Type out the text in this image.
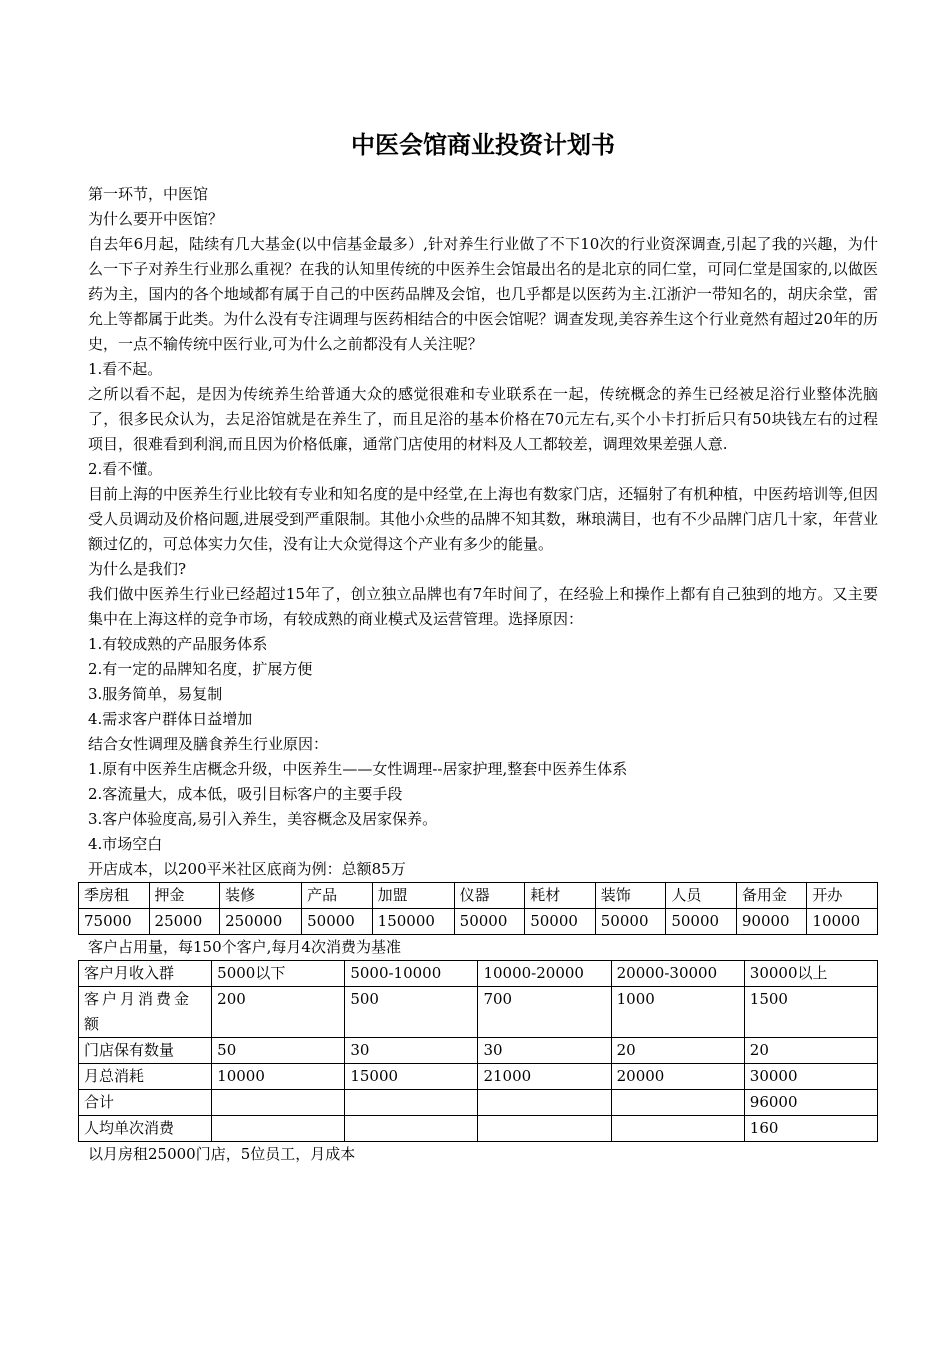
中医会馆商业投资计划书

第一环节，中医馆

为什么要开中医馆？

自去年6月起，陆续有几大基金(以中信基金最多）,针对养生行业做了不下10次的行业资深调查,引起了我的兴趣，为什么一下子对养生行业那么重视？在我的认知里传统的中医养生会馆最出名的是北京的同仁堂，可同仁堂是国家的,以做医药为主，国内的各个地域都有属于自己的中医药品牌及会馆，也几乎都是以医药为主.江浙沪一带知名的，胡庆余堂，雷允上等都属于此类。为什么没有专注调理与医药相结合的中医会馆呢？调查发现,美容养生这个行业竟然有超过20年的历史，一点不输传统中医行业,可为什么之前都没有人关注呢？

1.看不起。

之所以看不起，是因为传统养生给普通大众的感觉很难和专业联系在一起，传统概念的养生已经被足浴行业整体洗脑了，很多民众认为，去足浴馆就是在养生了，而且足浴的基本价格在70元左右,买个小卡打折后只有50块钱左右的过程项目，很难看到利润,而且因为价格低廉，通常门店使用的材料及人工都较差，调理效果差强人意.

2.看不懂。

目前上海的中医养生行业比较有专业和知名度的是中经堂,在上海也有数家门店，还辐射了有机种植，中医药培训等,但因受人员调动及价格问题,进展受到严重限制。其他小众些的品牌不知其数，琳琅满目，也有不少品牌门店几十家，年营业额过亿的，可总体实力欠佳，没有让大众觉得这个产业有多少的能量。

为什么是我们?

我们做中医养生行业已经超过15年了，创立独立品牌也有7年时间了，在经验上和操作上都有自己独到的地方。又主要集中在上海这样的竞争市场，有较成熟的商业模式及运营管理。选择原因：

1.有较成熟的产品服务体系

2.有一定的品牌知名度，扩展方便

3.服务简单，易复制

4.需求客户群体日益增加

结合女性调理及膳食养生行业原因：

1.原有中医养生店概念升级，中医养生——女性调理--居家护理,整套中医养生体系

2.客流量大，成本低，吸引目标客户的主要手段

3.客户体验度高,易引入养生，美容概念及居家保养。

4.市场空白

开店成本，以200平米社区底商为例：总额85万

季房租	押金	装修	产品	加盟	仪器	耗材	装饰	人员	备用金	开办
75000	25000	250000	50000	150000	50000	50000	50000	50000	90000	10000

客户占用量，每150个客户,每月4次消费为基准

客户月收入群	5000以下	5000-10000	10000-20000	20000-30000	30000以上
客户月消费金额	200	500	700	1000	1500
门店保有数量	50	30	30	20	20
月总消耗	10000	15000	21000	20000	30000
合计					96000
人均单次消费					160

以月房租25000门店，5位员工，月成本
